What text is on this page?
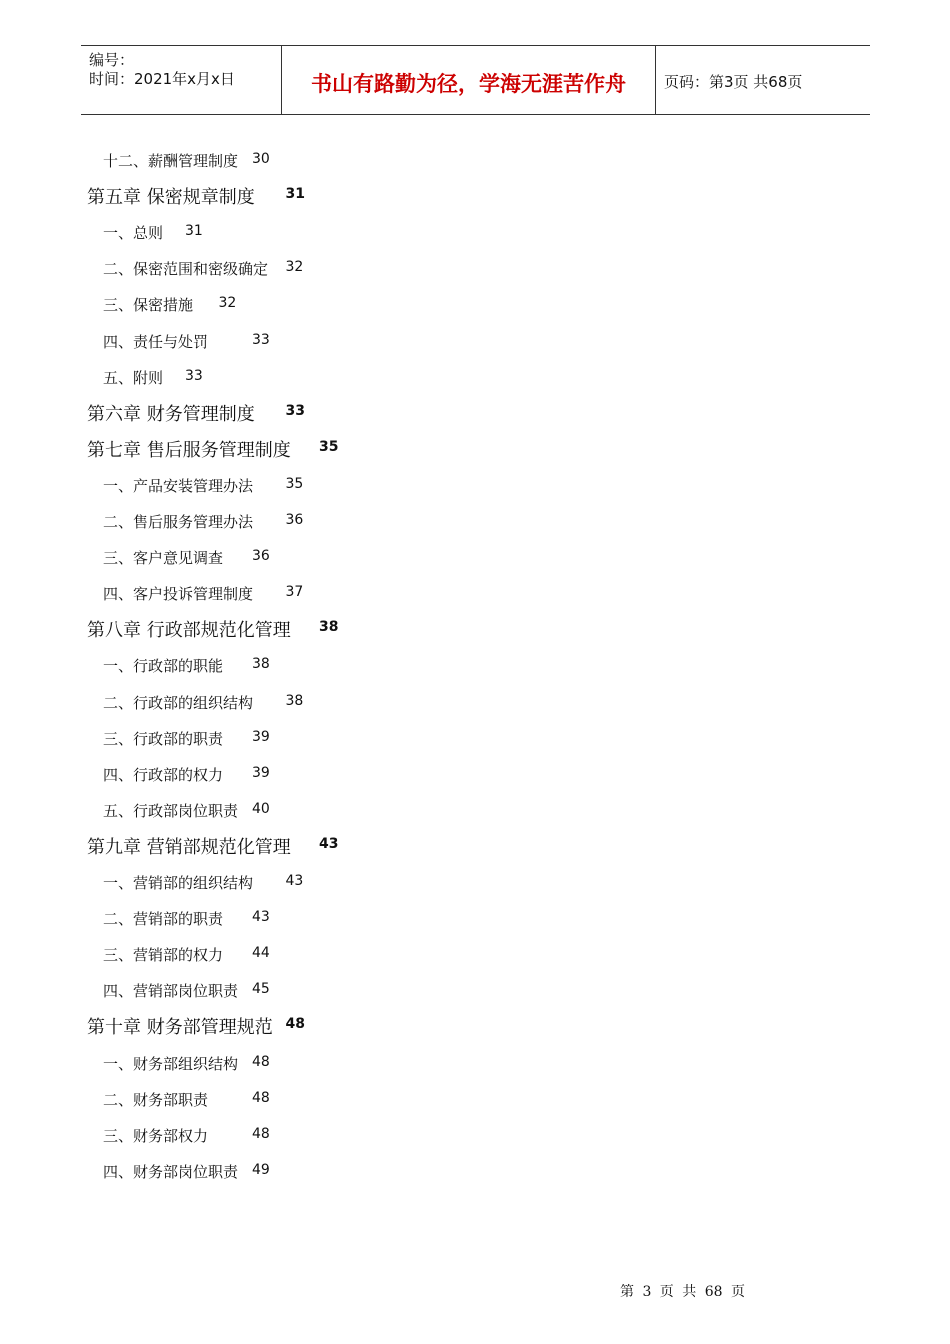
编号：
时间：2021年x月x日	书山有路勤为径，学海无涯苦作舟	页码：第3页 共68页
十二、薪酬管理制度 30
第五章 保密规章制度 31
一、总则 31
二、保密范围和密级确定 32
三、保密措施 32
四、责任与处罚	33
五、附则 33
第六章 财务管理制度 33
第七章 售后服务管理制度 35
一、产品安装管理办法 35
二、售后服务管理办法 36
三、客户意见调查 36
四、客户投诉管理制度 37
第八章 行政部规范化管理 38
一、行政部的职能 38
二、行政部的组织结构 38
三、行政部的职责 39
四、行政部的权力 39
五、行政部岗位职责 40
第九章 营销部规范化管理 43
一、营销部的组织结构 43
二、营销部的职责 43
三、营销部的权力 44
四、营销部岗位职责 45
第十章 财务部管理规范 48
一、财务部组织结构 48
二、财务部职责	48
三、财务部权力	48
四、财务部岗位职责 49
第 3 页 共 68 页
